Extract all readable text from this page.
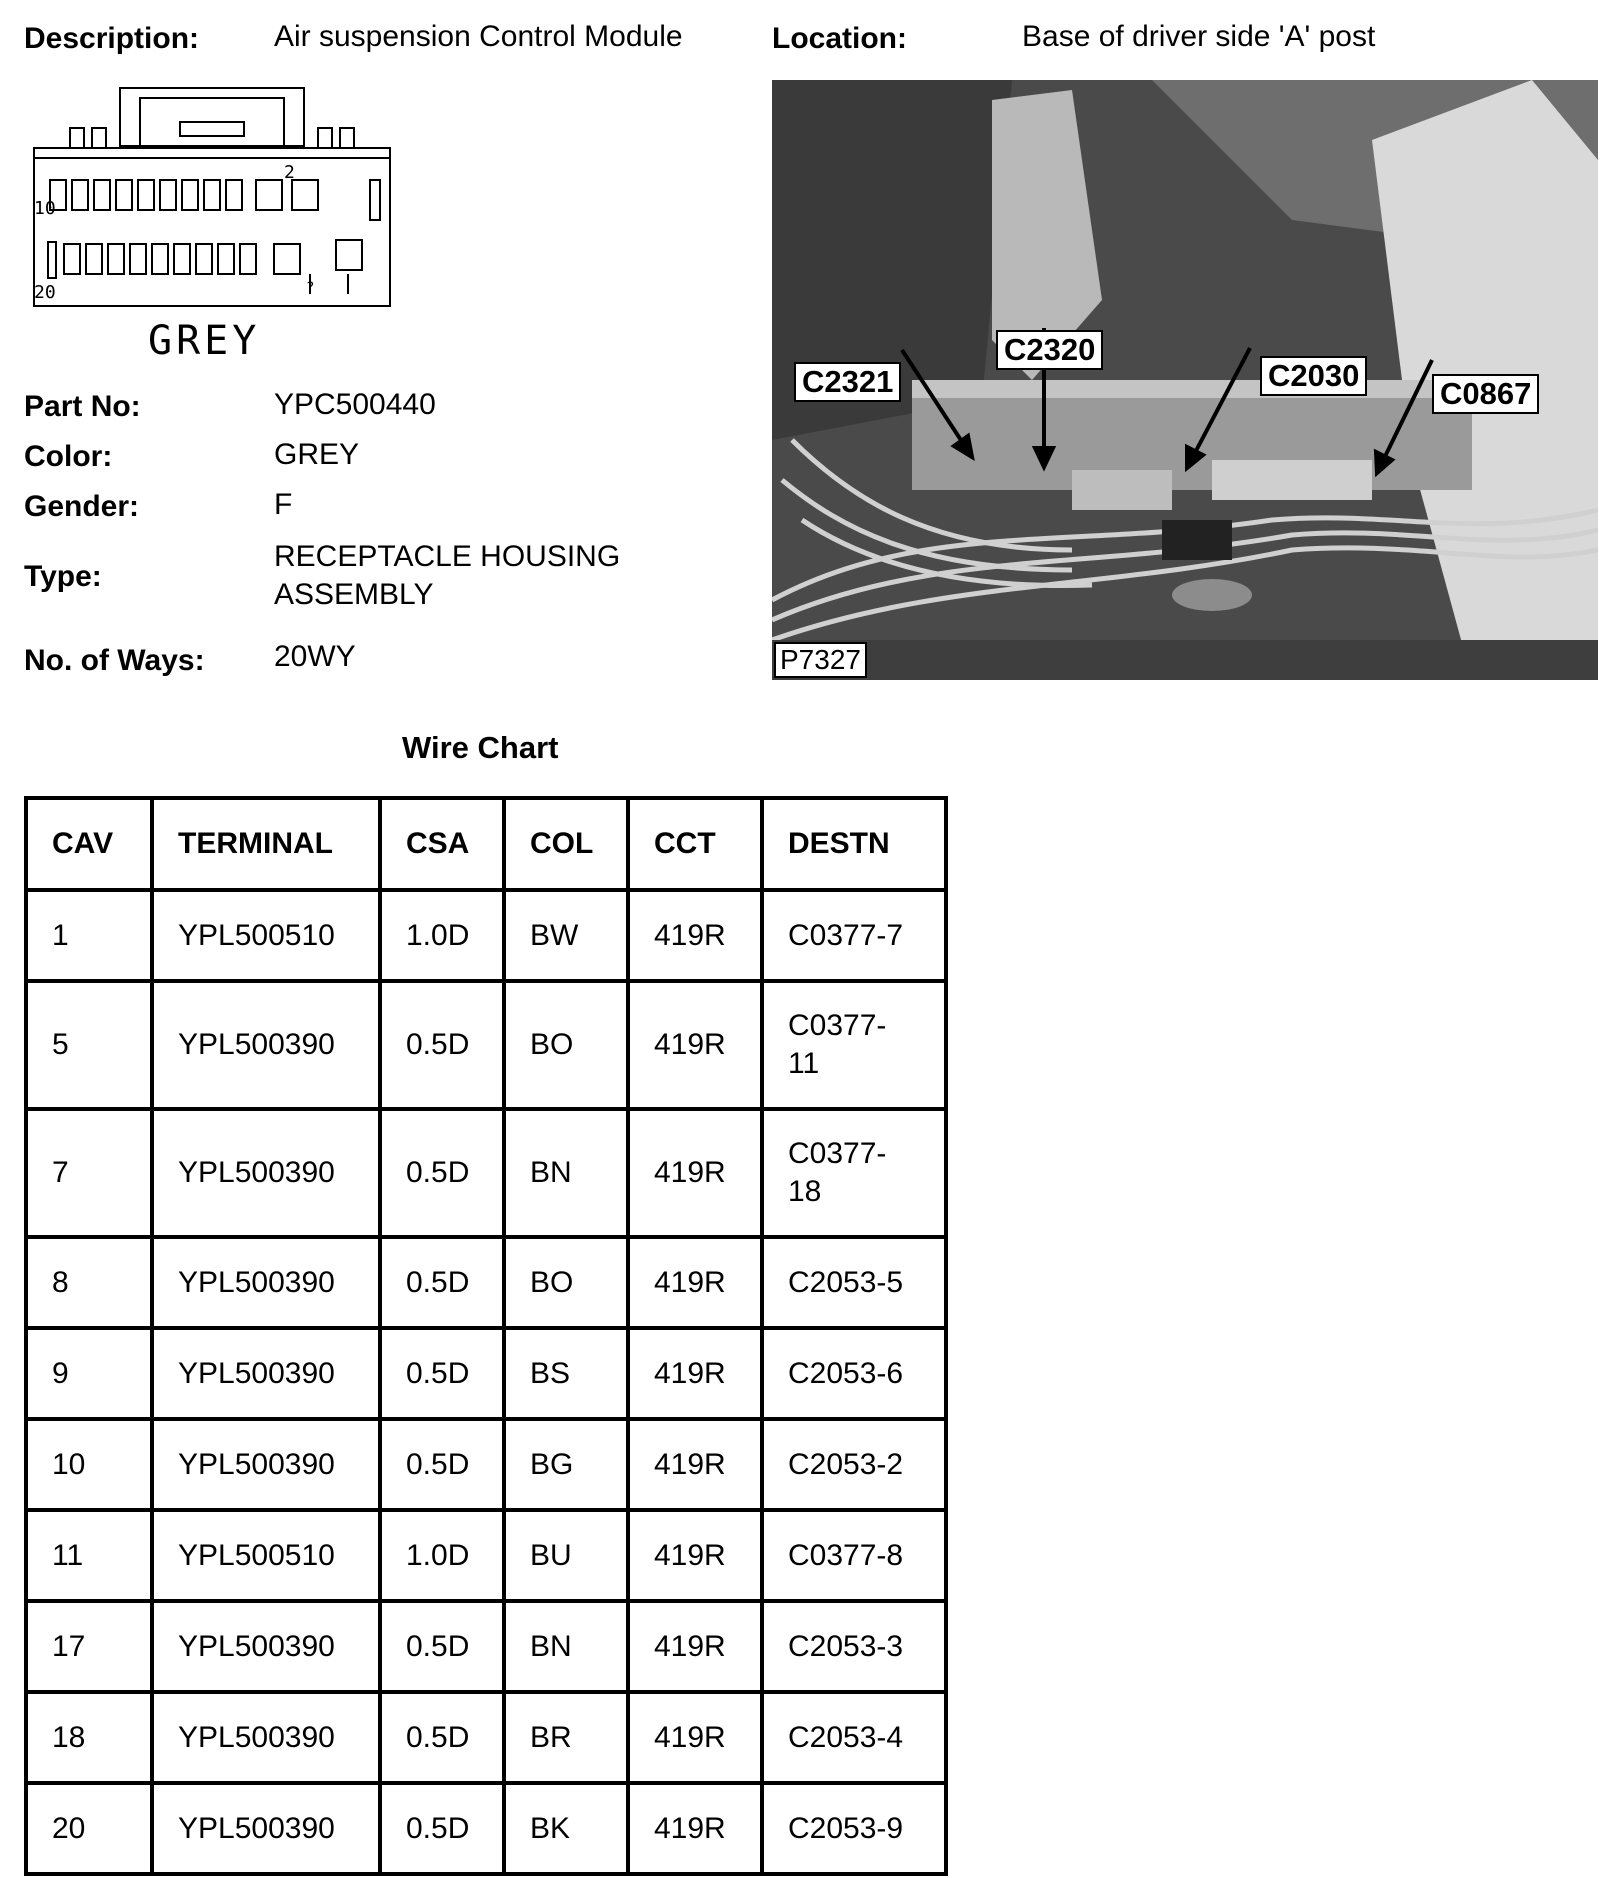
Description: Air suspension Control Module	Location:	Base of driver side 'A' post
10
2
20	?
GREY
Part No:	YPC500440
Color:	GREY
Gender:	F
Type:
RECEPTACLE HOUSING
ASSEMBLY
No. of Ways: 20WY
C2321
C2320
C2030
C0867
P7327
Wire Chart
CAV	TERMINAL	CSA	COL	CCT	DESTN
1	YPL500510	1.0D	BW	419R	C0377-7
5	YPL500390	0.5D	BO	419R	C0377-
11

7	YPL500390	0.5D	BN	419R	C0377-
18

8	YPL500390	0.5D	BO	419R	C2053-5
9	YPL500390	0.5D	BS	419R	C2053-6
10	YPL500390	0.5D	BG	419R	C2053-2
11	YPL500510	1.0D	BU	419R	C0377-8
17	YPL500390	0.5D	BN	419R	C2053-3
18	YPL500390	0.5D	BR	419R	C2053-4
20	YPL500390	0.5D	BK	419R	C2053-9
